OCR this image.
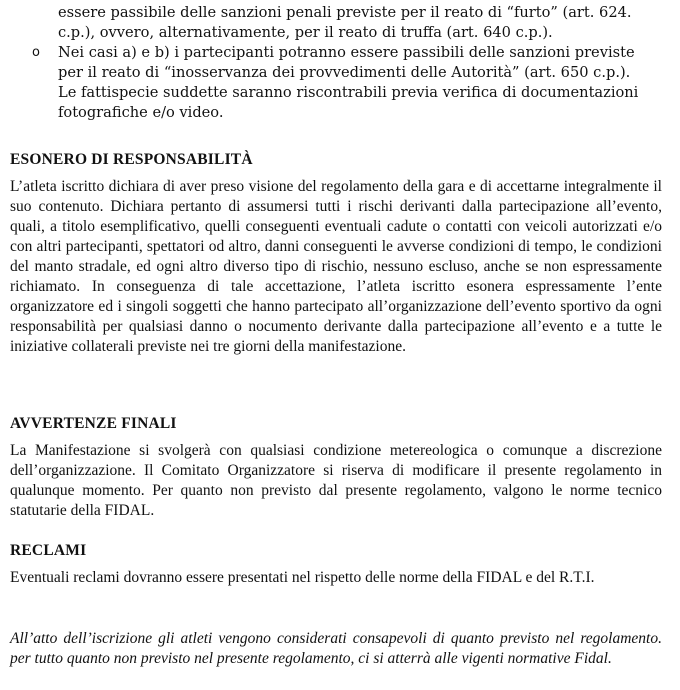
essere passibile delle sanzioni penali previste per il reato di “furto” (art. 624. c.p.), ovvero, alternativamente, per il reato di truffa (art. 640 c.p.).
o Nei casi a) e b) i partecipanti potranno essere passibili delle sanzioni previste per il reato di “inosservanza dei provvedimenti delle Autorità” (art. 650 c.p.). Le fattispecie suddette saranno riscontrabili previa verifica di documentazioni fotografiche e/o video.
ESONERO DI RESPONSABILITÀ

L’atleta iscritto dichiara di aver preso visione del regolamento della gara e di accettarne integralmente il suo contenuto. Dichiara pertanto di assumersi tutti i rischi derivanti dalla partecipazione all’evento, quali, a titolo esemplificativo, quelli conseguenti eventuali cadute o contatti con veicoli autorizzati e/o con altri partecipanti, spettatori od altro, danni conseguenti le avverse condizioni di tempo, le condizioni del manto stradale, ed ogni altro diverso tipo di rischio, nessuno escluso, anche se non espressamente richiamato. In conseguenza di tale accettazione, l’atleta iscritto esonera espressamente l’ente organizzatore ed i singoli soggetti che hanno partecipato all’organizzazione dell’evento sportivo da ogni responsabilità per qualsiasi danno o nocumento derivante dalla partecipazione all’evento e a tutte le iniziative collaterali previste nei tre giorni della manifestazione.

AVVERTENZE FINALI

La Manifestazione si svolgerà con qualsiasi condizione metereologica o comunque a discrezione dell’organizzazione. Il Comitato Organizzatore si riserva di modificare il presente regolamento in qualunque momento. Per quanto non previsto dal presente regolamento, valgono le norme tecnico statutarie della FIDAL.

RECLAMI

Eventuali reclami dovranno essere presentati nel rispetto delle norme della FIDAL e del R.T.I.

All’atto dell’iscrizione gli atleti vengono considerati consapevoli di quanto previsto nel regolamento. per tutto quanto non previsto nel presente regolamento, ci si atterrà alle vigenti normative Fidal.
